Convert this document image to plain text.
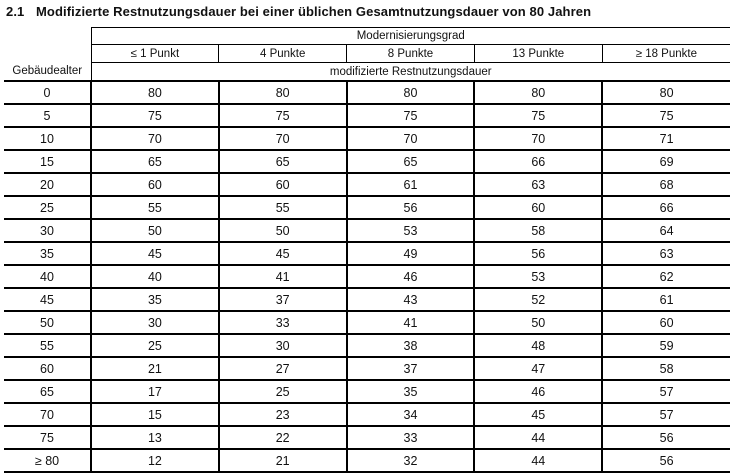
2.1 Modifizierte Restnutzungsdauer bei einer üblichen Gesamtnutzungsdauer von 80 Jahren
Gebäudealter	Modernisierungsgrad				
	≤ 1 Punkt	4 Punkte	8 Punkte	13 Punkte	≥ 18 Punkte
	modifizierte Restnutzungsdauer				
0	80	80	80	80	80
5	75	75	75	75	75
10	70	70	70	70	71
15	65	65	65	66	69
20	60	60	61	63	68
25	55	55	56	60	66
30	50	50	53	58	64
35	45	45	49	56	63
40	40	41	46	53	62
45	35	37	43	52	61
50	30	33	41	50	60
55	25	30	38	48	59
60	21	27	37	47	58
65	17	25	35	46	57
70	15	23	34	45	57
75	13	22	33	44	56
≥ 80	12	21	32	44	56
